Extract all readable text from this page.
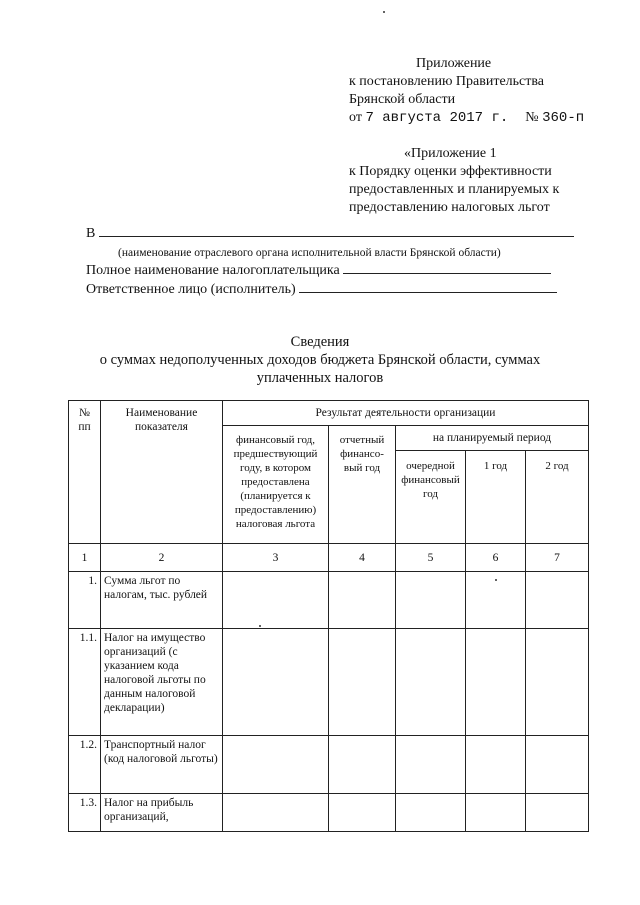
Приложение
к постановлению Правительства
Брянской области
от 7 августа 2017 г. № 360-п
«Приложение 1
к Порядку оценки эффективности
предоставленных и планируемых к
предоставлению налоговых льгот
В
(наименование отраслевого органа исполнительной власти Брянской области)
Полное наименование налогоплательщика
Ответственное лицо (исполнитель)
Сведения
о суммах недополученных доходов бюджета Брянской области, суммах
уплаченных налогов
№ пп	Наименование показателя	Результат деятельности организации				
		финансовый год, предшествующий году, в котором предоставлена (планируется к предоставлению) налоговая льгота	отчетный финансо-вый год	на планируемый период		
				очередной финансовый год	1 год	2 год
1	2	3	4	5	6	7
1.	Сумма льгот по налогам, тыс. рублей					
1.1.	Налог на имущество организаций (с указанием кода налоговой льготы по данным налоговой декларации)					
1.2.	Транспортный налог (код налоговой льготы)					
1.3.	Налог на прибыль организаций,					
